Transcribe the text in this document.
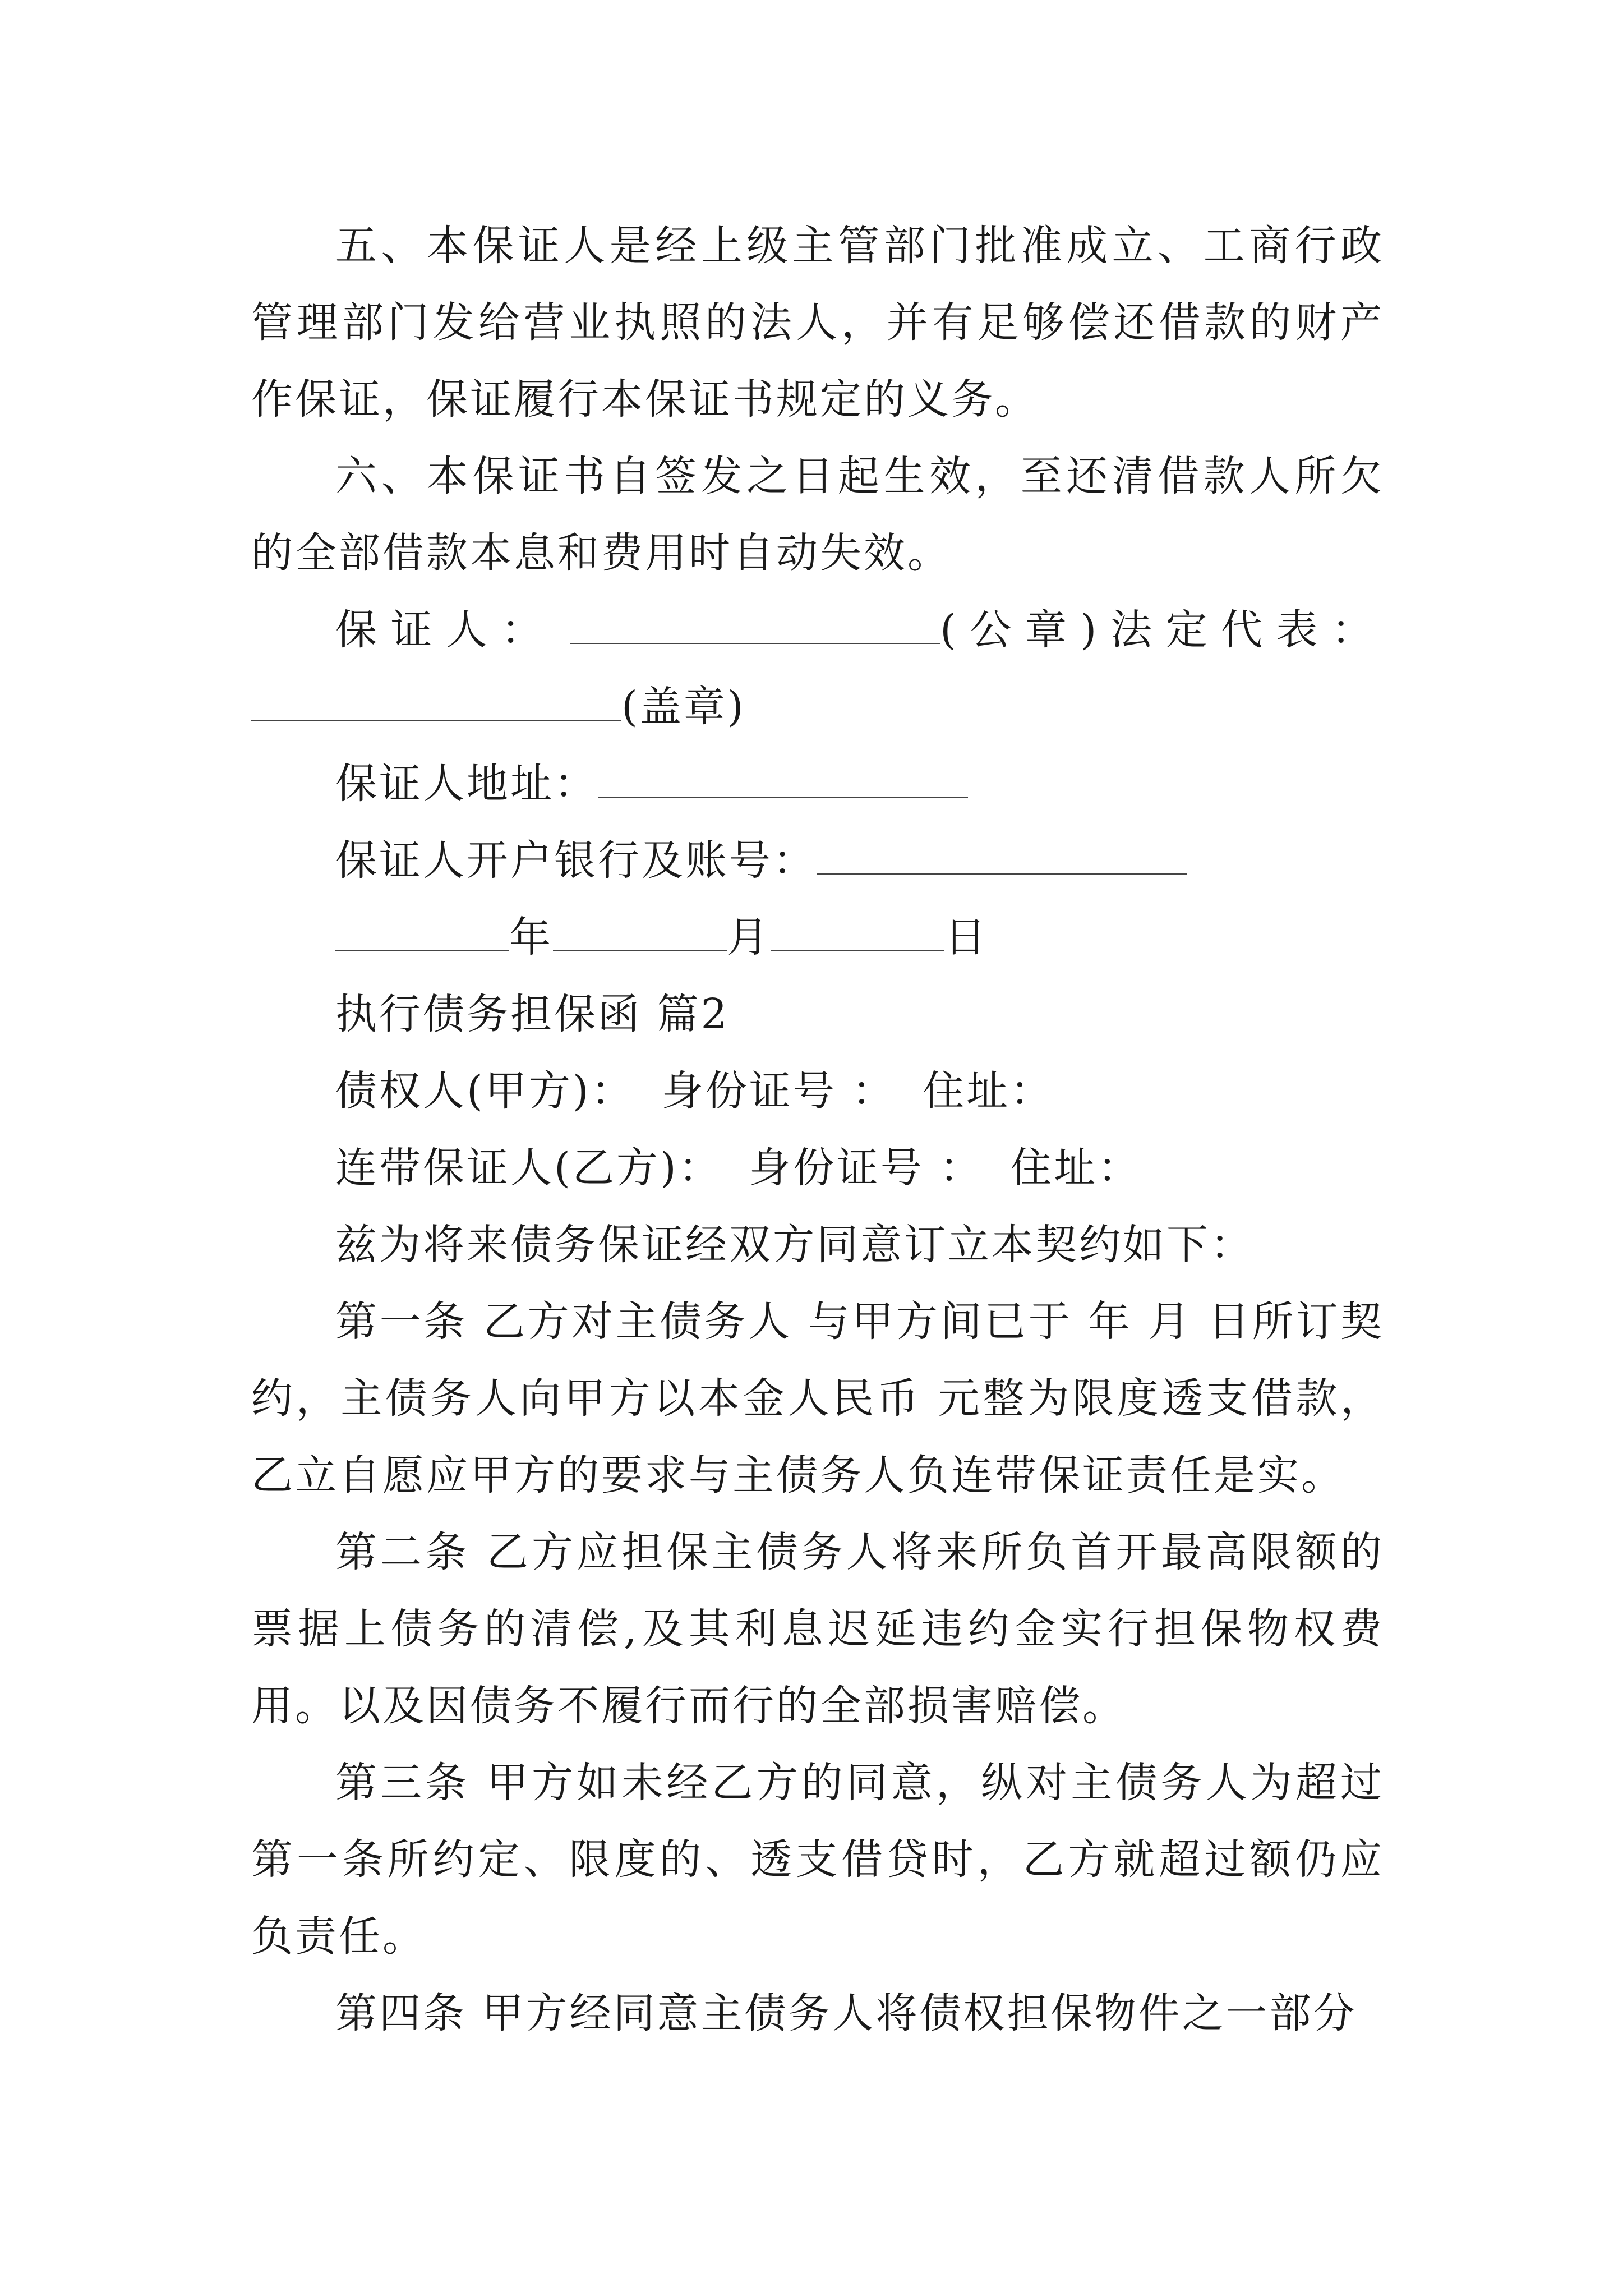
五、本保证人是经上级主管部门批准成立、工商行政管理部门发给营业执照的法人，并有足够偿还借款的财产作保证，保证履行本保证书规定的义务。

六、本保证书自签发之日起生效，至还清借款人所欠的全部借款本息和费用时自动失效。

保证人：	(公章)法定代表：(盖章)

保证人地址：

保证人开户银行及账号：

年	月	日

执行债务担保函 篇2

债权人(甲方)： 身份证号 ： 住址：

连带保证人(乙方)： 身份证号 ： 住址：

兹为将来债务保证经双方同意订立本契约如下：

第一条 乙方对主债务人 与甲方间已于 年 月 日所订契约，主债务人向甲方以本金人民币 元整为限度透支借款，乙立自愿应甲方的要求与主债务人负连带保证责任是实。

第二条 乙方应担保主债务人将来所负首开最高限额的票据上债务的清偿,及其利息迟延违约金实行担保物权费用。以及因债务不履行而行的全部损害赔偿。

第三条 甲方如未经乙方的同意，纵对主债务人为超过第一条所约定、限度的、透支借贷时，乙方就超过额仍应负责任。

第四条 甲方经同意主债务人将债权担保物件之一部分
